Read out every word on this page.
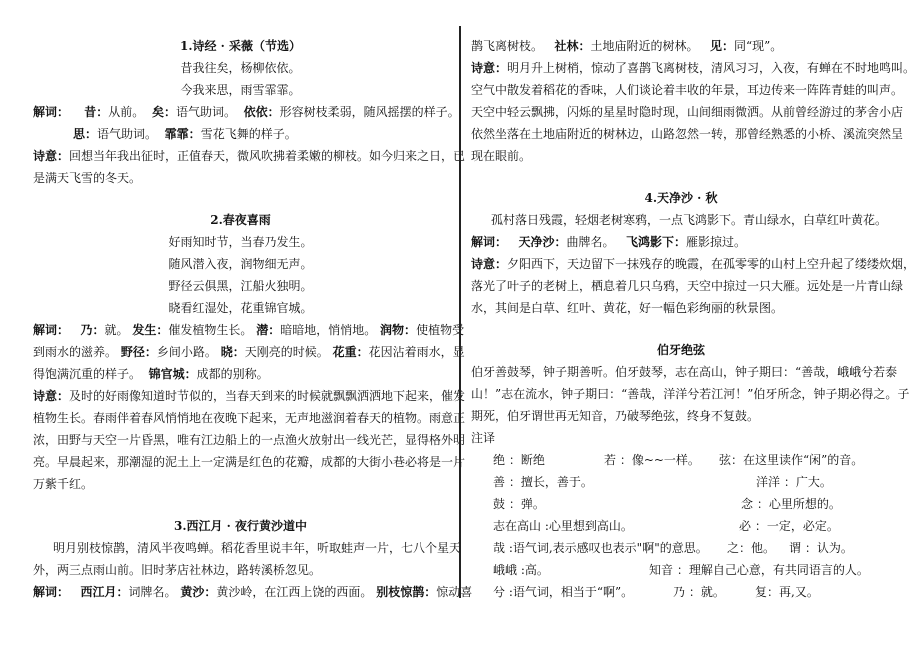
1.诗经 · 采薇（节选）
昔我往矣，杨柳依依。
今我来思，雨雪霏霏。
解词： 昔：从前。 矣：语气助词。 依依：形容树枝柔弱，随风摇摆的样子。
思：语气助词。 霏霏：雪花飞舞的样子。
诗意：回想当年我出征时，正值春天，微风吹拂着柔嫩的柳枝。如今归来之日，已
是满天飞雪的冬天。
2.春夜喜雨
好雨知时节，当春乃发生。
随风潜入夜，润物细无声。
野径云俱黑，江船火独明。
晓看红湿处，花重锦官城。
解词： 乃：就。 发生：催发植物生长。 潜：暗暗地，悄悄地。 润物：使植物受
到雨水的滋养。 野径：乡间小路。 晓：天刚亮的时候。 花重：花因沾着雨水，显
得饱满沉重的样子。 锦官城：成都的别称。
诗意：及时的好雨像知道时节似的，当春天到来的时候就飘飘洒洒地下起来，催发
植物生长。春雨伴着春风悄悄地在夜晚下起来，无声地滋润着春天的植物。雨意正
浓，田野与天空一片昏黑，唯有江边船上的一点渔火放射出一线光芒，显得格外明
亮。早晨起来，那潮湿的泥土上一定满是红色的花瓣，成都的大街小巷必将是一片
万紫千红。
3.西江月 · 夜行黄沙道中
明月别枝惊鹊，清风半夜鸣蝉。稻花香里说丰年，听取蛙声一片，七八个星天
外，两三点雨山前。旧时茅店社林边，路转溪桥忽见。
解词： 西江月：词牌名。 黄沙：黄沙岭，在江西上饶的西面。 别枝惊鹊：惊动喜
鹊飞离树枝。 社林：土地庙附近的树林。 见：同“现”。
诗意：明月升上树梢，惊动了喜鹊飞离树枝，清风习习，入夜，有蝉在不时地鸣叫。
空气中散发着稻花的香味，人们谈论着丰收的年景，耳边传来一阵阵青蛙的叫声。
天空中轻云飘拂，闪烁的星星时隐时现，山间细雨微洒。从前曾经游过的茅舍小店
依然坐落在土地庙附近的树林边，山路忽然一转，那曾经熟悉的小桥、溪流突然呈
现在眼前。
4.天净沙 · 秋
孤村落日残霞，轻烟老树寒鸦，一点飞鸿影下。青山绿水，白草红叶黄花。
解词： 天净沙：曲牌名。 飞鸿影下：雁影掠过。
诗意：夕阳西下，天边留下一抹残存的晚霞，在孤零零的山村上空升起了缕缕炊烟，
落光了叶子的老树上，栖息着几只乌鸦，天空中掠过一只大雁。远处是一片青山绿
水，其间是白草、红叶、黄花，好一幅色彩绚丽的秋景图。
伯牙绝弦
伯牙善鼓琴，钟子期善听。伯牙鼓琴，志在高山，钟子期曰：“善哉，峨峨兮若泰
山！”志在流水，钟子期曰：“善哉，洋洋兮若江河！”伯牙所念，钟子期必得之。子
期死，伯牙谓世再无知音，乃破琴绝弦，终身不复鼓。
注译
绝 ：断绝	若 ：像~~一样。 弦：在这里读作“闲”的音。
善 ：擅长，善于。	洋洋 ：广大。
鼓 ：弹。	念 ：心里所想的。
志在高山 :心里想到高山。	必 ：一定，必定。
哉 :语气词,表示感叹也表示"啊"的意思。 之：他。 谓 ：认为。
峨峨 :高。	知音 ：理解自己心意，有共同语言的人。
兮 :语气词，相当于“啊”。	乃 ：就。	复：再,又。
